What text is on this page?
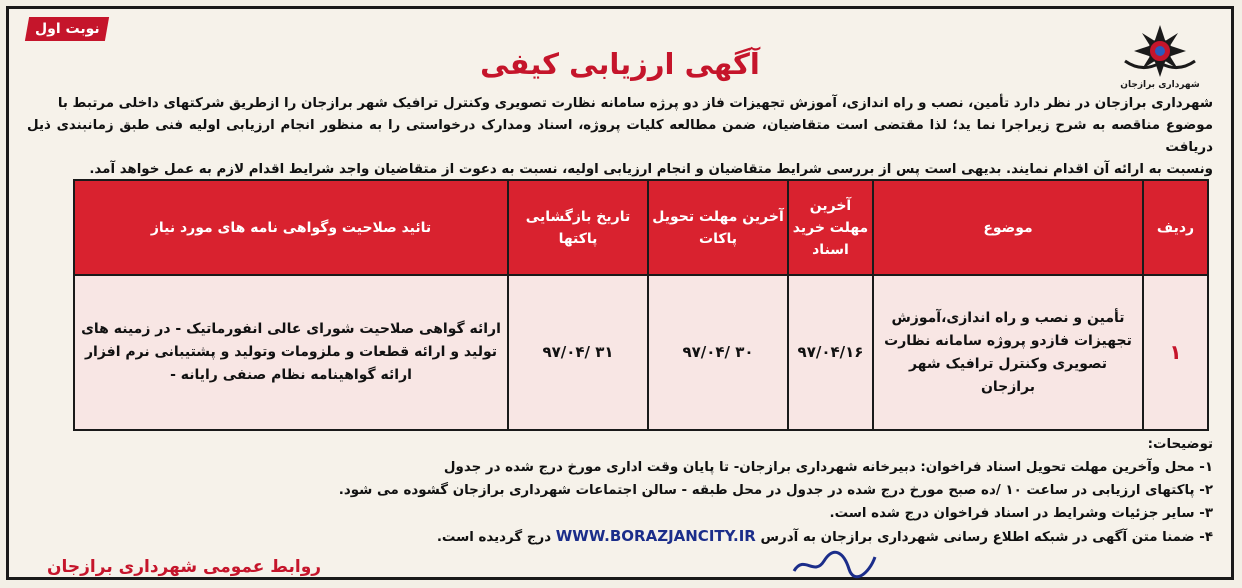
نوبت اول
شهرداری برازجان
آگهی ارزیابی کیفی

شهرداری برازجان در نظر دارد تأمین، نصب و راه اندازی، آموزش تجهیزات فاز دو پرژه سامانه نظارت تصویری وکنترل ترافیک شهر برازجان را ازطریق شرکتهای داخلی مرتبط با

موضوع مناقصه به شرح زیراجرا نما ید؛ لذا مقتضی است متقاضیان، ضمن مطالعه کلیات پروژه، اسناد ومدارک درخواستی را به منظور انجام ارزیابی اولیه فنی طبق زمانبندی ذیل دریافت

ونسبت به ارائه آن اقدام نمایند. بدیهی است پس از بررسی شرایط متقاضیان و انجام ارزیابی اولیه، نسبت به دعوت از متقاضیان واجد شرایط اقدام لازم به عمل خواهد آمد.

ردیف	موضوع	آخرین مهلت خرید اسناد	آخرین مهلت تحویل پاکات	تاریخ بازگشایی پاکتها	تائید صلاحیت وگواهی نامه های مورد نیاز
۱	تأمین و نصب و راه اندازی،آموزش تجهیزات فازدو پروژه سامانه نظارت تصویری وکنترل ترافیک شهر برازجان	۹۷/۰۴/۱۶	۹۷/۰۴/ ۳۰	۹۷/۰۴/ ۳۱	ارائه گواهی صلاحیت شورای عالی انفورماتیک - در زمینه های تولید و ارائه قطعات و ملزومات وتولید و پشتیبانی نرم افزار ارائه گواهینامه نظام صنفی رایانه -

توضیحات:

۱- محل وآخرین مهلت تحویل اسناد فراخوان: دبیرخانه شهرداری برازجان- تا پایان وقت اداری مورخ درج شده در جدول

۲- پاکتهای ارزیابی در ساعت ۱۰ /ده صبح مورخ درج شده در جدول در محل طبقه - سالن اجتماعات شهرداری برازجان گشوده می شود.

۳- سایر جزئیات وشرایط در اسناد فراخوان درج شده است.

۴- ضمنا متن آگهی در شبکه اطلاع رسانی شهرداری برازجان به آدرس WWW.BORAZJANCITY.IR درج گردیده است.

روابط عمومی شهرداری برازجان
